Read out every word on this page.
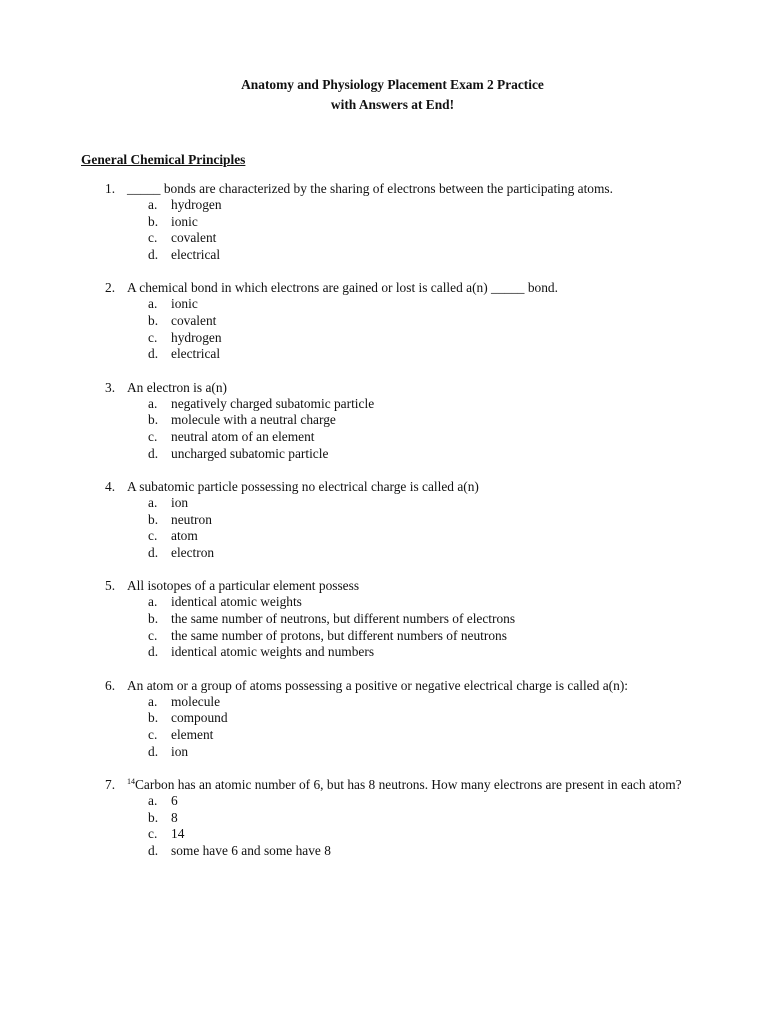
Anatomy and Physiology Placement Exam 2 Practice
with Answers at End!
General Chemical Principles
1. _____ bonds are characterized by the sharing of electrons between the participating atoms.
a.	hydrogen
b. ionic
c.	covalent
d. electrical
2. A chemical bond in which electrons are gained or lost is called a(n) _____ bond.
a.	ionic
b. covalent
c.	hydrogen
d. electrical
3. An electron is a(n)
a.	negatively charged subatomic particle
b. molecule with a neutral charge
c.	neutral atom of an element
d. uncharged subatomic particle
4. A subatomic particle possessing no electrical charge is called a(n)
a.	ion
b. neutron
c.	atom
d. electron
5. All isotopes of a particular element possess
a.	identical atomic weights
b. the same number of neutrons, but different numbers of electrons
c.	the same number of protons, but different numbers of neutrons
d. identical atomic weights and numbers
6. An atom or a group of atoms possessing a positive or negative electrical charge is called a(n):
a.	molecule
b. compound
c.	element
d. ion
7.	$^{14}$Carbon has an atomic number of 6, but has 8 neutrons. How many electrons are present in each atom?
a.	6
b. 8
c.	14
d. some have 6 and some have 8
